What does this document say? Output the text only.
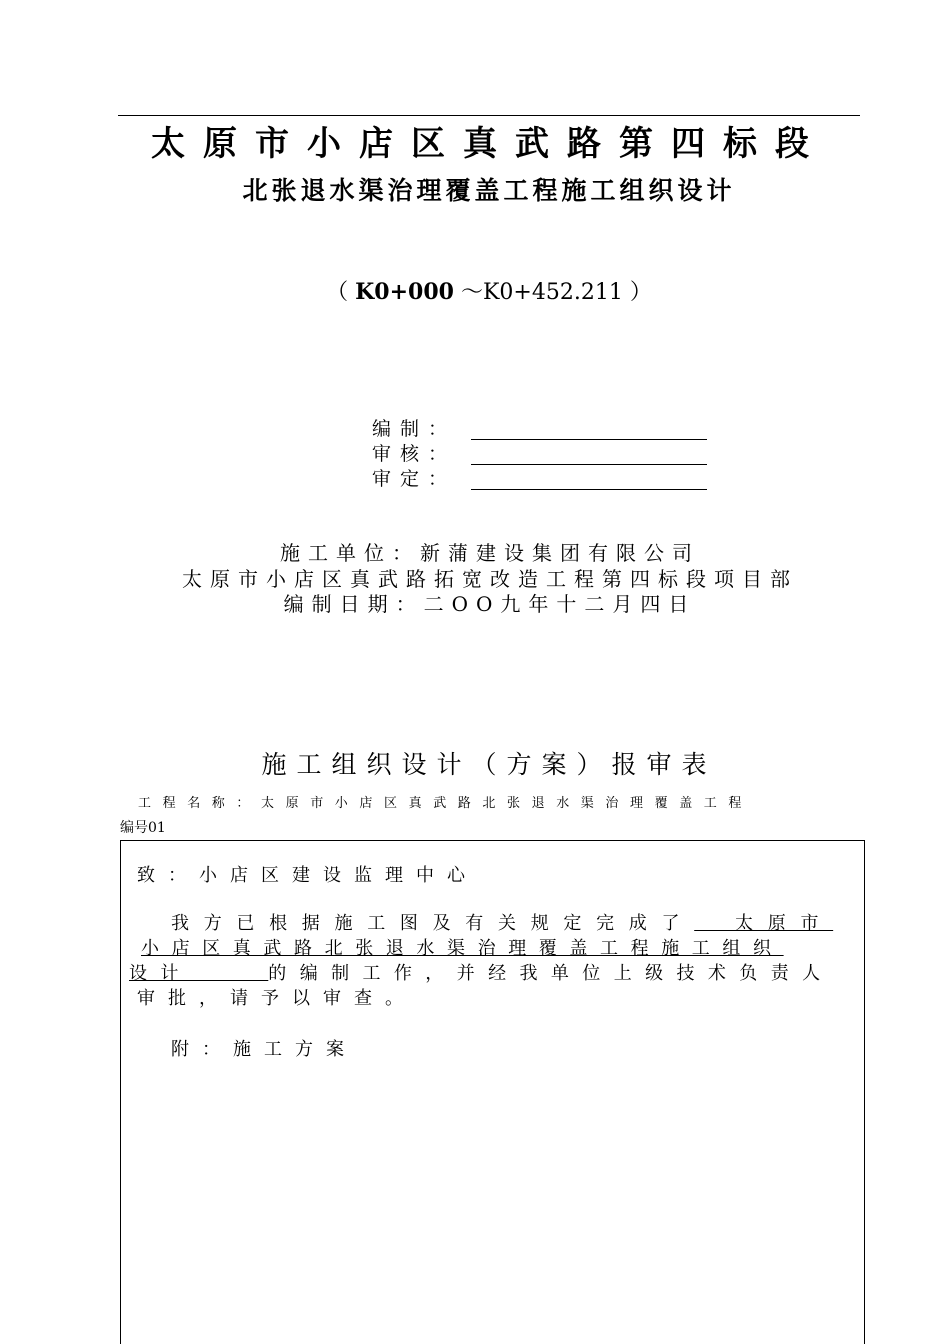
太原市小店区真武路第四标段
北张退水渠治理覆盖工程施工组织设计
（ K0+000 ～K0+452.211 ）
编制：
审核：
审定：
施工单位：新蒲建设集团有限公司
太原市小店区真武路拓宽改造工程第四标段项目部
编制日期：二OO九年十二月四日
施工组织设计（方案）报审表
工程名称：太原市小店区真武路北张退水渠治理覆盖工程
编号01
致：小店区建设监理中心
我方已根据施工图及有关规定完成了  太原市
小店区真武路北张退水渠治理覆盖工程施工组织
设计    的编制工作，并经我单位上级技术负责人
审批，请予以审查。
附：施工方案
